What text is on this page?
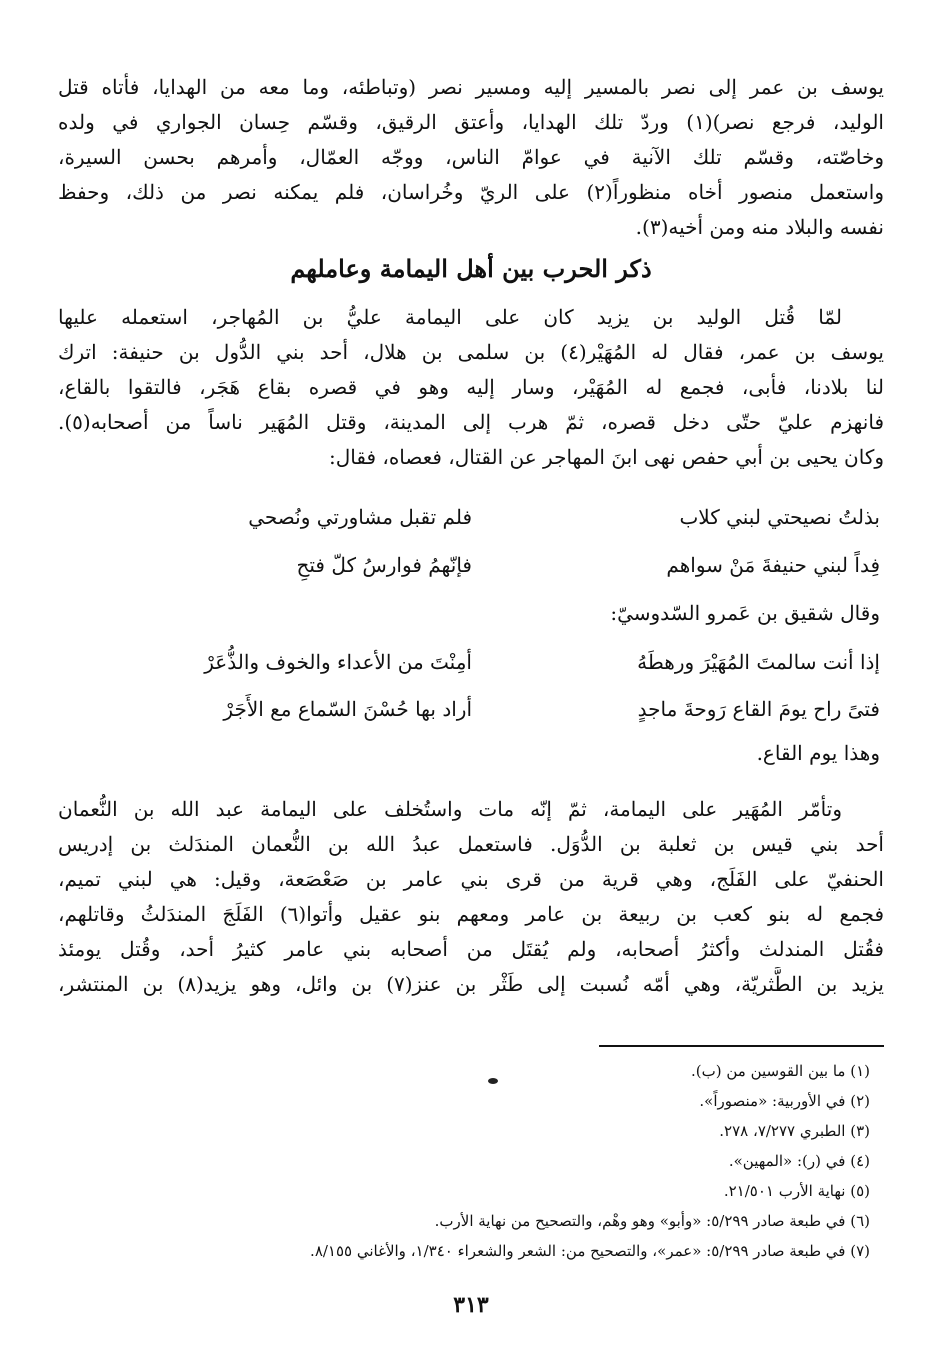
يوسف بن عمر إلى نصر بالمسير إليه ومسير نصر (وتباطئه، وما معه من الهدايا، فأتاه قتل
الوليد، فرجع نصر)(١) وردّ تلك الهدايا، وأعتق الرقيق، وقسّم حِسان الجواري في ولده
وخاصّته، وقسّم تلك الآنية في عوامّ الناس، ووجّه العمّال، وأمرهم بحسن السيرة،
واستعمل منصور أخاه منظوراً(٢) على الريّ وخُراسان، فلم يمكنه نصر من ذلك، وحفظ
نفسه والبلاد منه ومن أخيه(٣).
ذكر الحرب بين أهل اليمامة وعاملهم
لمّا قُتل الوليد بن يزيد كان على اليمامة عليُّ بن المُهاجر، استعمله عليها
يوسف بن عمر، فقال له المُهَيْر(٤) بن سلمى بن هلال، أحد بني الدُّول بن حنيفة: اترك
لنا بلادنا، فأبى، فجمع له المُهَيْر، وسار إليه وهو في قصره بقاع هَجَر، فالتقوا بالقاع،
فانهزم عليّ حتّى دخل قصره، ثمّ هرب إلى المدينة، وقتل المُهَير ناساً من أصحابه(٥).
وكان يحيى بن أبي حفص نهى ابنَ المهاجر عن القتال، فعصاه، فقال:
بذلتُ نصيحتي لبني كلاب
فلم تقبل مشاورتي ونُصحي
فِداً لبني حنيفةَ مَنْ سواهم
فإنّهمُ فوارسُ كلّ فتحِ
وقال شقيق بن عَمرو السّدوسيّ:
إذا أنت سالمتَ المُهَيْرَ ورهطَهُ
أمِنْتَ من الأعداء والخوف والذُّعَرْ
فتىً راح يومَ القاع رَوحةَ ماجدٍ
أراد بها حُسْنَ السّماع مع الأَجَرْ
وهذا يوم القاع.
وتأمّر المُهَير على اليمامة، ثمّ إنّه مات واستُخلف على اليمامة عبد الله بن النُّعمان
أحد بني قيس بن ثعلبة بن الدُّوَل. فاستعمل عبدُ الله بن النُّعمان المندَلث بن إدريس
الحنفيّ على الفَلَج، وهي قرية من قرى بني عامر بن صَعْصَعة، وقيل: هي لبني تميم،
فجمع له بنو كعب بن ربيعة بن عامر ومعهم بنو عقيل وأتوا(٦) الفَلَجَ المندَلثُ وقاتلهم،
فقُتل المندلث وأكثرُ أصحابه، ولم يُقتَل من أصحابه بني عامر كثيرُ أحد، وقُتل يومئذ
يزيد بن الطَّثريّة، وهي أمّه نُسبت إلى طَثْر بن عنز(٧) بن وائل، وهو يزيد(٨) بن المنتشر،
(١) ما بين القوسين من (ب).
(٢) في الأوربية: «منصوراً».
(٣) الطبري ٧/٢٧٧، ٢٧٨.
(٤) في (ر): «المهين».
(٥) نهاية الأرب ٢١/٥٠١.
(٦) في طبعة صادر ٥/٢٩٩: «وأبو» وهو وهْم، والتصحيح من نهاية الأرب.
(٧) في طبعة صادر ٥/٢٩٩: «عمر»، والتصحيح من: الشعر والشعراء ١/٣٤٠، والأغاني ٨/١٥٥.
٣١٣
